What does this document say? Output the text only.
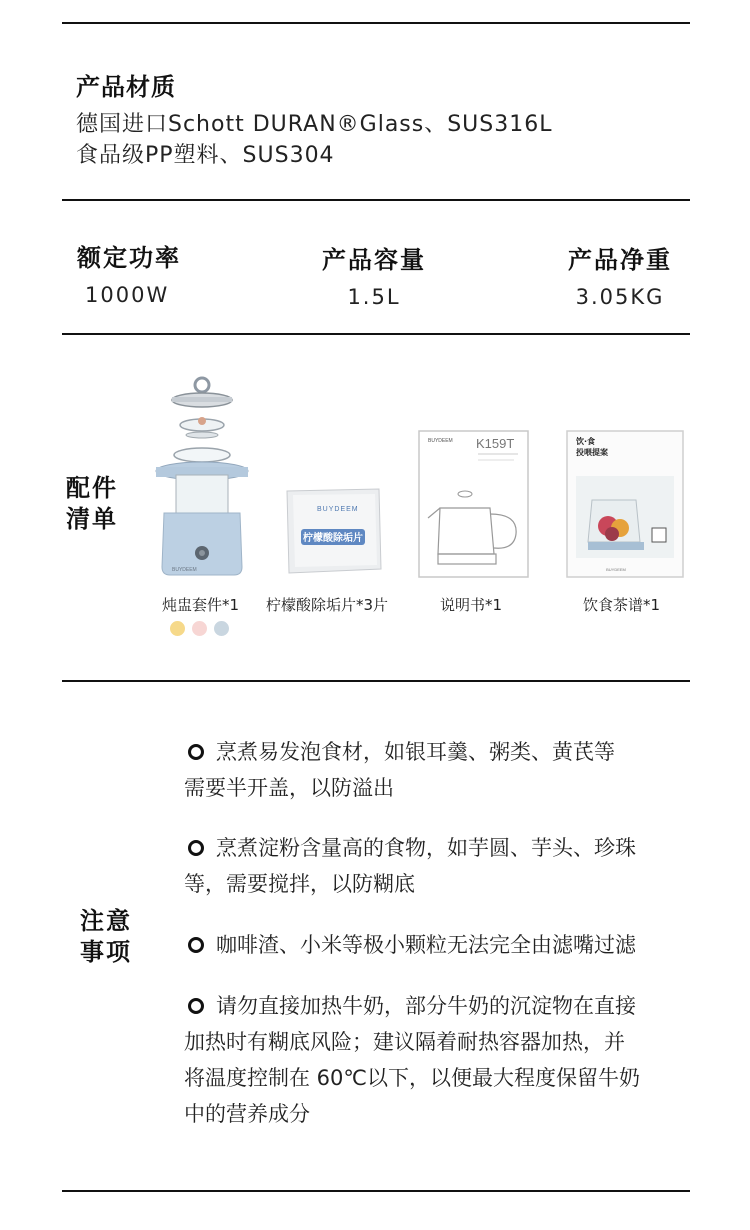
产品材质
德国进口Schott DURAN®Glass、SUS316L
食品级PP塑料、SUS304
额定功率
1000W
产品容量
1.5L
产品净重
3.05KG
配件
清单
BUYDEEM
BUYDEEM
柠檬酸除垢片
BUYDEEM K159T	饮·食
投喂提案
BUYDEEM
炖盅套件*1 柠檬酸除垢片*3片	说明书*1	饮食茶谱*1
注意
事项
烹煮易发泡食材，如银耳羹、粥类、黄芪等
需要半开盖，以防溢出
烹煮淀粉含量高的食物，如芋圆、芋头、珍珠
等，需要搅拌，以防糊底
咖啡渣、小米等极小颗粒无法完全由滤嘴过滤
请勿直接加热牛奶，部分牛奶的沉淀物在直接
加热时有糊底风险；建议隔着耐热容器加热，并
将温度控制在 60℃以下，以便最大程度保留牛奶
中的营养成分
